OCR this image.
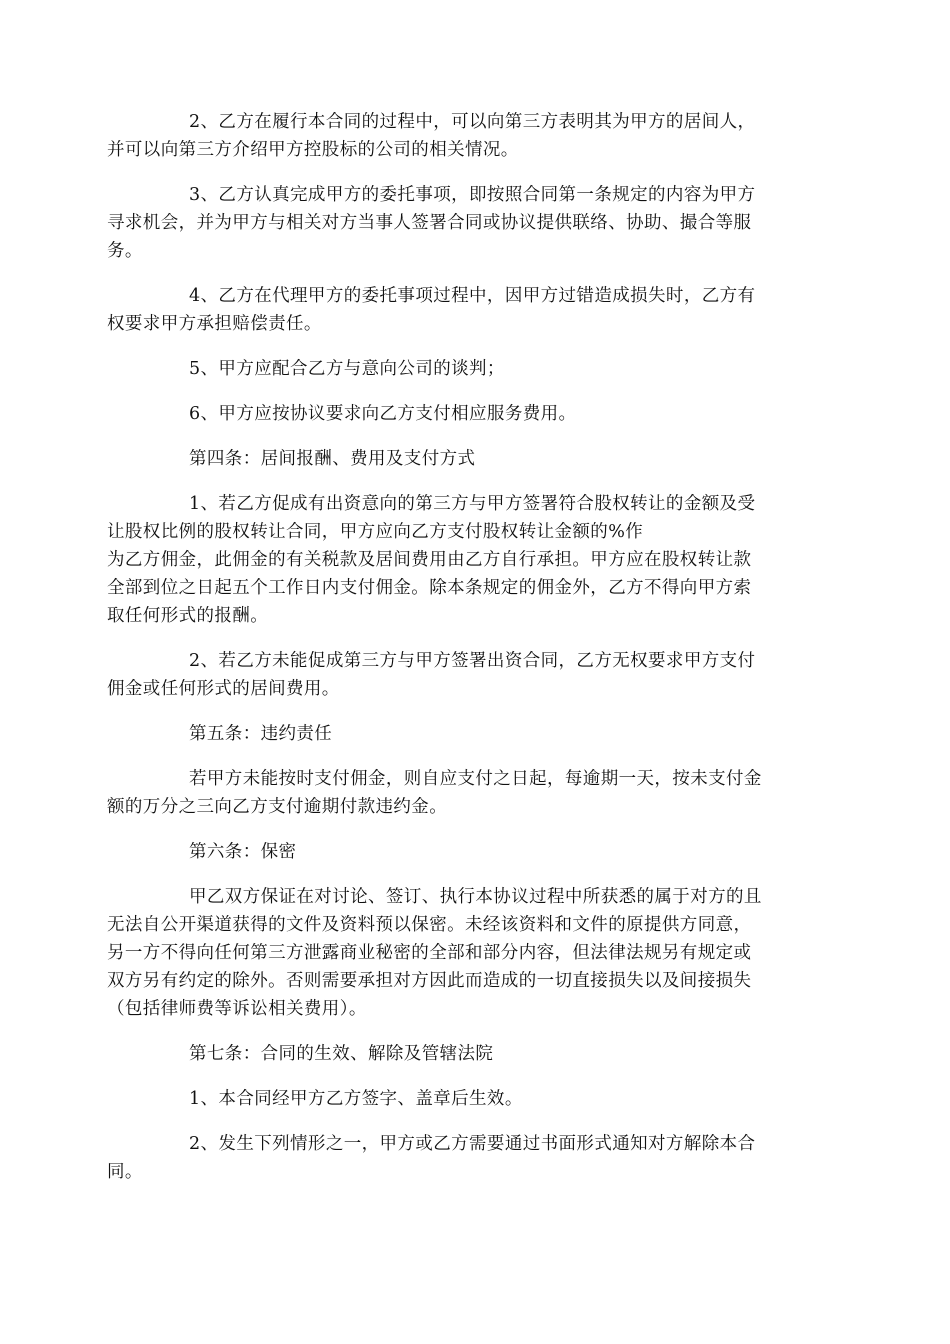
2、乙方在履行本合同的过程中，可以向第三方表明其为甲方的居间人，
并可以向第三方介绍甲方控股标的公司的相关情况。

3、乙方认真完成甲方的委托事项，即按照合同第一条规定的内容为甲方
寻求机会，并为甲方与相关对方当事人签署合同或协议提供联络、协助、撮合等服
务。

4、乙方在代理甲方的委托事项过程中，因甲方过错造成损失时，乙方有
权要求甲方承担赔偿责任。

5、甲方应配合乙方与意向公司的谈判；

6、甲方应按协议要求向乙方支付相应服务费用。

第四条：居间报酬、费用及支付方式

1、若乙方促成有出资意向的第三方与甲方签署符合股权转让的金额及受
让股权比例的股权转让合同，甲方应向乙方支付股权转让金额的%作
为乙方佣金，此佣金的有关税款及居间费用由乙方自行承担。甲方应在股权转让款
全部到位之日起五个工作日内支付佣金。除本条规定的佣金外，乙方不得向甲方索
取任何形式的报酬。

2、若乙方未能促成第三方与甲方签署出资合同，乙方无权要求甲方支付
佣金或任何形式的居间费用。

第五条：违约责任

若甲方未能按时支付佣金，则自应支付之日起，每逾期一天，按未支付金
额的万分之三向乙方支付逾期付款违约金。

第六条：保密

甲乙双方保证在对讨论、签订、执行本协议过程中所获悉的属于对方的且
无法自公开渠道获得的文件及资料预以保密。未经该资料和文件的原提供方同意，
另一方不得向任何第三方泄露商业秘密的全部和部分内容，但法律法规另有规定或
双方另有约定的除外。否则需要承担对方因此而造成的一切直接损失以及间接损失
（包括律师费等诉讼相关费用）。

第七条：合同的生效、解除及管辖法院

1、本合同经甲方乙方签字、盖章后生效。

2、发生下列情形之一，甲方或乙方需要通过书面形式通知对方解除本合
同。
